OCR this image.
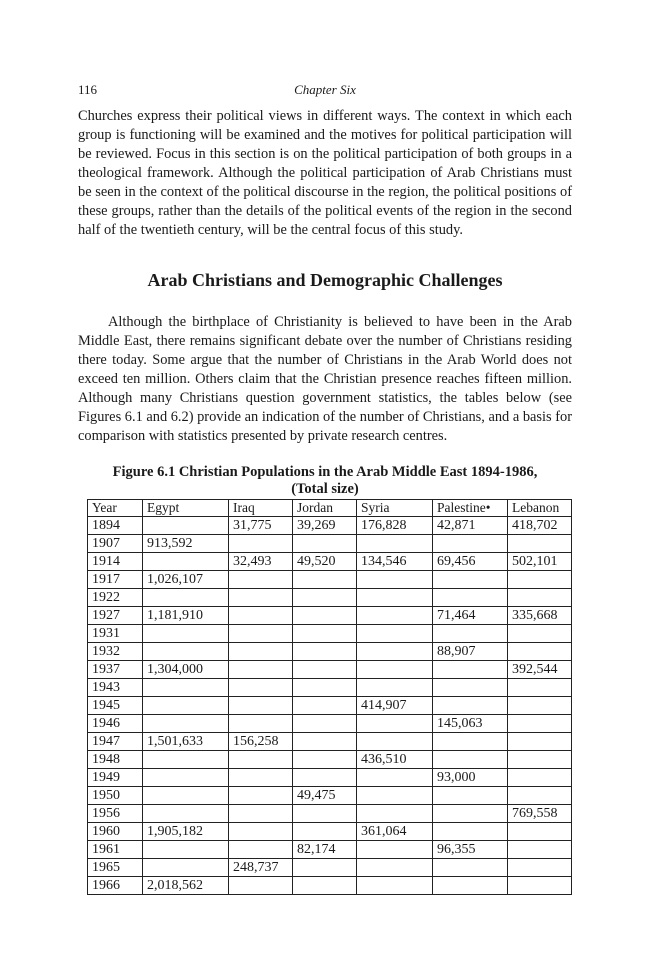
116	Chapter Six

Churches express their political views in different ways. The context in which each group is functioning will be examined and the motives for political participation will be reviewed. Focus in this section is on the political participation of both groups in a theological framework. Although the political participation of Arab Christians must be seen in the context of the political discourse in the region, the political positions of these groups, rather than the details of the political events of the region in the second half of the twentieth century, will be the central focus of this study.

Arab Christians and Demographic Challenges

Although the birthplace of Christianity is believed to have been in the Arab Middle East, there remains significant debate over the number of Christians residing there today. Some argue that the number of Christians in the Arab World does not exceed ten million. Others claim that the Christian presence reaches fifteen million. Although many Christians question government statistics, the tables below (see Figures 6.1 and 6.2) provide an indication of the number of Christians, and a basis for comparison with statistics presented by private research centres.

Figure 6.1 Christian Populations in the Arab Middle East 1894-1986,
(Total size)
Year	Egypt	Iraq	Jordan	Syria	Palestine•	Lebanon
1894		31,775	39,269	176,828	42,871	418,702
1907	913,592					
1914		32,493	49,520	134,546	69,456	502,101
1917	1,026,107					
1922						
1927	1,181,910				71,464	335,668
1931						
1932					88,907	
1937	1,304,000					392,544
1943						
1945				414,907		
1946					145,063	
1947	1,501,633	156,258				
1948				436,510		
1949					93,000	
1950			49,475			
1956						769,558
1960	1,905,182			361,064		
1961			82,174		96,355	
1965		248,737				
1966	2,018,562					
